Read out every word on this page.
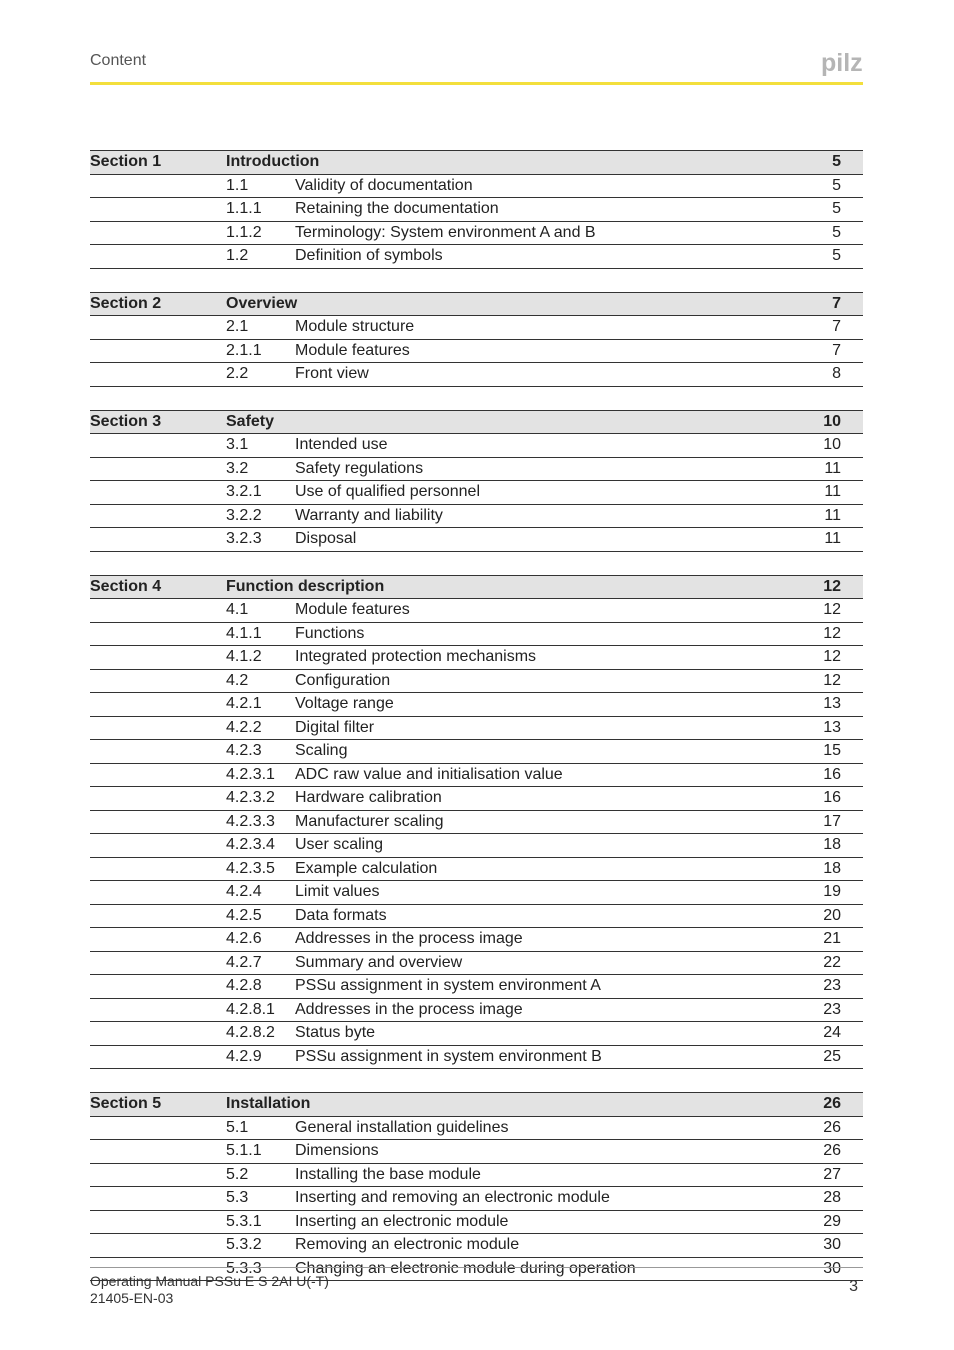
Content	pilz
Section 1	Introduction	5
1.1	Validity of documentation	5
1.1.1 Retaining the documentation	5
1.1.2 Terminology: System environment A and B	5
1.2	Definition of symbols	5
Section 2	Overview	7
2.1	Module structure	7
2.1.1 Module features	7
2.2	Front view	8
Section 3	Safety	10
3.1	Intended use	10
3.2	Safety regulations	11
3.2.1 Use of qualified personnel	11
3.2.2 Warranty and liability	11
3.2.3 Disposal	11
Section 4	Function description	12
4.1	Module features	12
4.1.1 Functions	12
4.1.2 Integrated protection mechanisms	12
4.2	Configuration	12
4.2.1 Voltage range	13
4.2.2 Digital filter	13
4.2.3 Scaling	15
4.2.3.1 ADC raw value and initialisation value	16
4.2.3.2 Hardware calibration	16
4.2.3.3 Manufacturer scaling	17
4.2.3.4 User scaling	18
4.2.3.5 Example calculation	18
4.2.4 Limit values	19
4.2.5 Data formats	20
4.2.6 Addresses in the process image	21
4.2.7 Summary and overview	22
4.2.8 PSSu assignment in system environment A	23
4.2.8.1 Addresses in the process image	23
4.2.8.2 Status byte	24
4.2.9 PSSu assignment in system environment B	25
Section 5	Installation	26
5.1	General installation guidelines	26
5.1.1 Dimensions	26
5.2	Installing the base module	27
5.3	Inserting and removing an electronic module	28
5.3.1 Inserting an electronic module	29
5.3.2 Removing an electronic module	30
5.3.3 Changing an electronic module during operation	30
Operating Manual PSSu E S 2AI U(-T)
21405-EN-03
3
